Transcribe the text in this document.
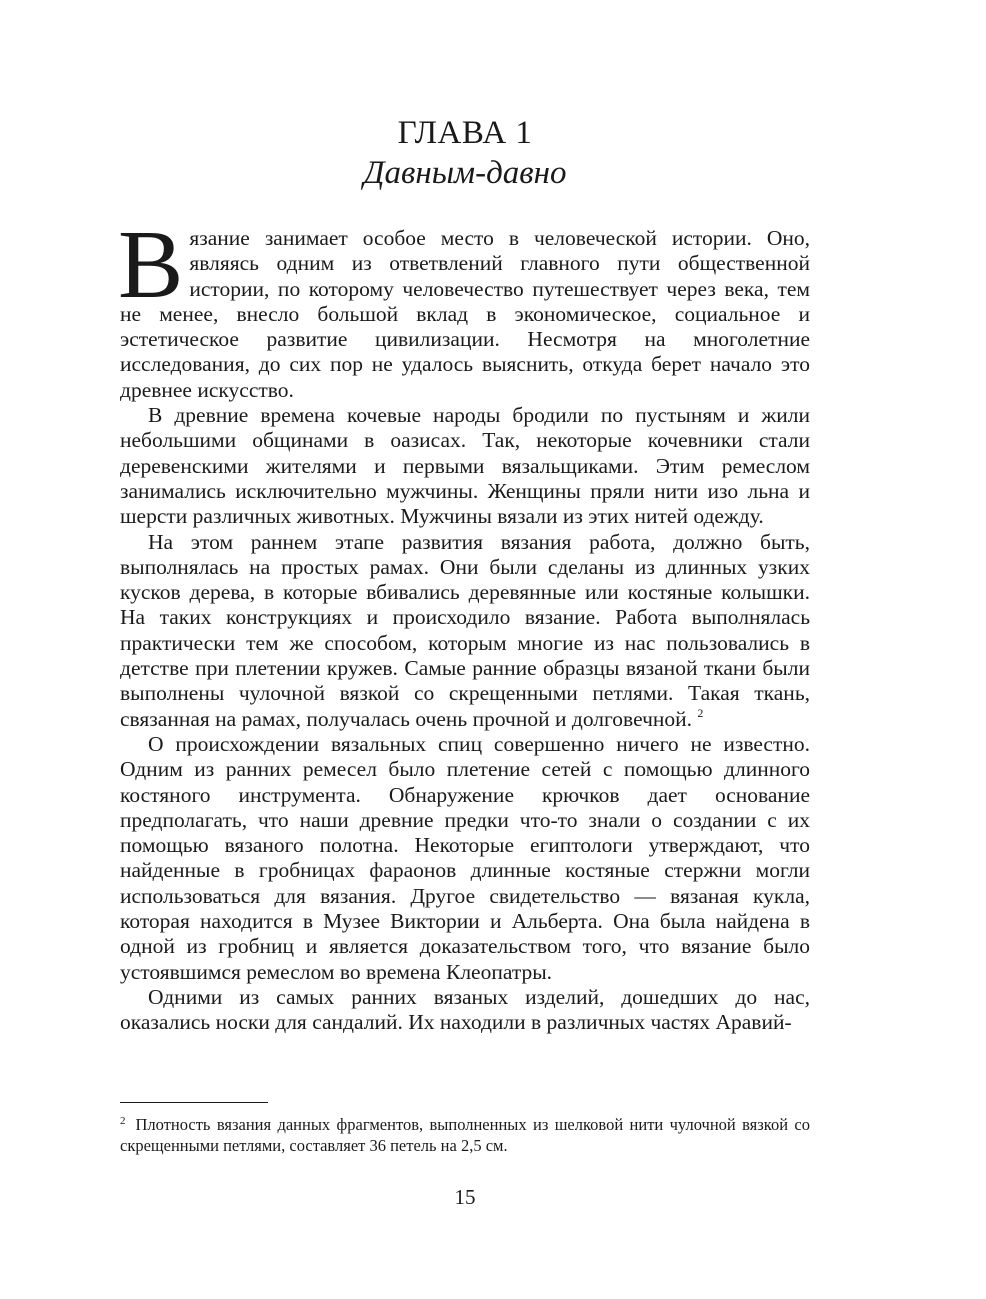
ГЛАВА 1
Давным-давно

Вязание занимает особое место в человеческой истории. Оно, являясь одним из ответвлений главного пути общественной истории, по которому человечество путешествует через века, тем не менее, внесло большой вклад в экономическое, социальное и эстетическое развитие цивилизации. Несмотря на многолетние исследования, до сих пор не удалось выяснить, откуда берет начало это древнее искусство.

В древние времена кочевые народы бродили по пустыням и жили небольшими общинами в оазисах. Так, некоторые кочевники стали деревенскими жителями и первыми вязальщиками. Этим ремеслом занимались исключительно мужчины. Женщины пряли нити изо льна и шерсти различных животных. Мужчины вязали из этих нитей одежду.

На этом раннем этапе развития вязания работа, должно быть, выполнялась на простых рамах. Они были сделаны из длинных узких кусков дерева, в которые вбивались деревянные или костяные колышки. На таких конструкциях и происходило вязание. Работа выполнялась практически тем же способом, которым многие из нас пользовались в детстве при плетении кружев. Самые ранние образцы вязаной ткани были выполнены чулочной вязкой со скрещенными петлями. Такая ткань, связанная на рамах, получалась очень прочной и долговечной. $^2$

О происхождении вязальных спиц совершенно ничего не известно. Одним из ранних ремесел было плетение сетей с помощью длинного костяного инструмента. Обнаружение крючков дает основание предполагать, что наши древние предки что-то знали о создании с их помощью вязаного полотна. Некоторые египтологи утверждают, что найденные в гробницах фараонов длинные костяные стержни могли использоваться для вязания. Другое свидетельство — вязаная кукла, которая находится в Музее Виктории и Альберта. Она была найдена в одной из гробниц и является доказательством того, что вязание было устоявшимся ремеслом во времена Клеопатры.

Одними из самых ранних вязаных изделий, дошедших до нас, оказались носки для сандалий. Их находили в различных частях Аравий-

$^2$ Плотность вязания данных фрагментов, выполненных из шелковой нити чулочной вязкой со скрещенными петлями, составляет 36 петель на 2,5 см.
15
